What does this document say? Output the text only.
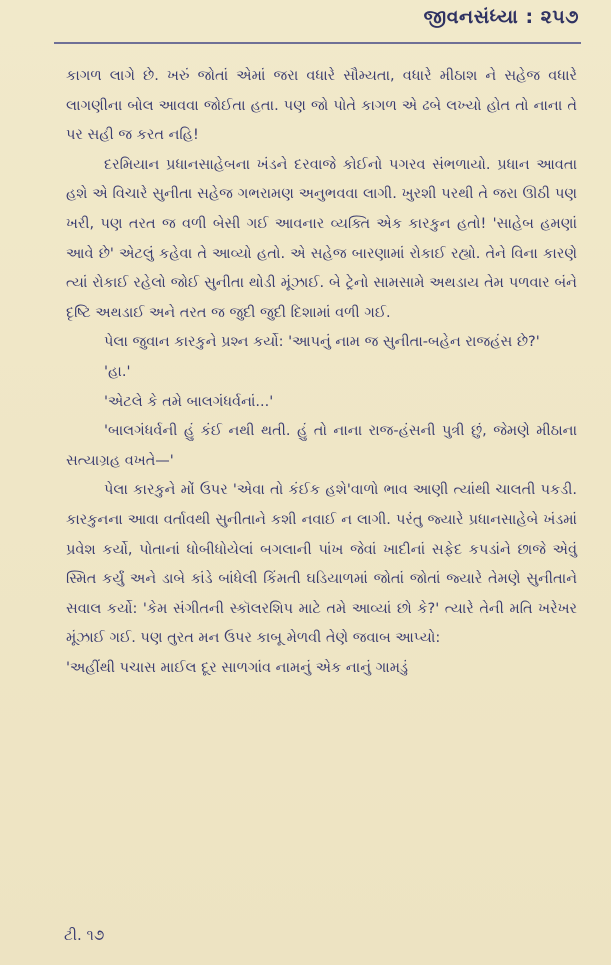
જીવનસંધ્યા : ૨૫૭

કાગળ લાગે છે. ખરું જોતાં એમાં જરા વધારે સૌમ્યતા, વધારે મીઠાશ ને સહેજ વધારે લાગણીના બોલ આવવા જોઈતા હતા. પણ જો પોતે કાગળ એ ઢબે લખ્યો હોત તો નાના તે પર સહી જ કરત નહિ!

દરમિયાન પ્રધાનસાહેબના ખંડને દરવાજે કોઈનો પગરવ સંભળાયો. પ્રધાન આવતા હશે એ વિચારે સુનીતા સહેજ ગભરામણ અનુભવવા લાગી. ખુરશી પરથી તે જરા ઊઠી પણ ખરી, પણ તરત જ વળી બેસી ગઈ આવનાર વ્યક્તિ એક કારકુન હતો! 'સાહેબ હમણાં આવે છે' એટલું કહેવા તે આવ્યો હતો. એ સહેજ બારણામાં રોકાઈ રહ્યો. તેને વિના કારણે ત્યાં રોકાઈ રહેલો જોઈ સુનીતા થોડી મૂંઝાઈ. બે ટ્રેનો સામસામે અથડાય તેમ પળવાર બંને દૃષ્ટિ અથડાઈ અને તરત જ જુદી જુદી દિશામાં વળી ગઈ.

પેલા જુવાન કારકુને પ્રશ્ન કર્યો: 'આપનું નામ જ સુનીતા-બહેન રાજહંસ છે?'

'હા.'

'એટલે કે તમે બાલગંધર્વનાં...'

'બાલગંધર્વની હું કંઈ નથી થતી. હું તો નાના રાજ-હંસની પુત્રી છું, જેમણે મીઠાના સત્યાગ્રહ વખતે—'

પેલા કારકુને મોં ઉપર 'એવા તો કંઈક હશે'વાળો ભાવ આણી ત્યાંથી ચાલતી પકડી. કારકુનના આવા વર્તાવથી સુનીતાને કશી નવાઈ ન લાગી. પરંતુ જ્યારે પ્રધાનસાહેબે ખંડમાં પ્રવેશ કર્યો, પોતાનાં ધોબીધોયેલાં બગલાની પાંખ જેવાં ખાદીનાં સફેદ કપડાંને છાજે એવું સ્મિત કર્યું અને ડાબે કાંડે બાંધેલી કિંમતી ઘડિયાળમાં જોતાં જોતાં જ્યારે તેમણે સુનીતાને સવાલ કર્યો: 'કેમ સંગીતની સ્કૉલરશિપ માટે તમે આવ્યાં છો કે?' ત્યારે તેની મતિ ખરેખર મૂંઝાઈ ગઈ. પણ તુરત મન ઉપર કાબૂ મેળવી તેણે જવાબ આપ્યો:

'અહીંથી પચાસ માઈલ દૂર સાળગાંવ નામનું એક નાનું ગામડું

ટી. ૧૭
